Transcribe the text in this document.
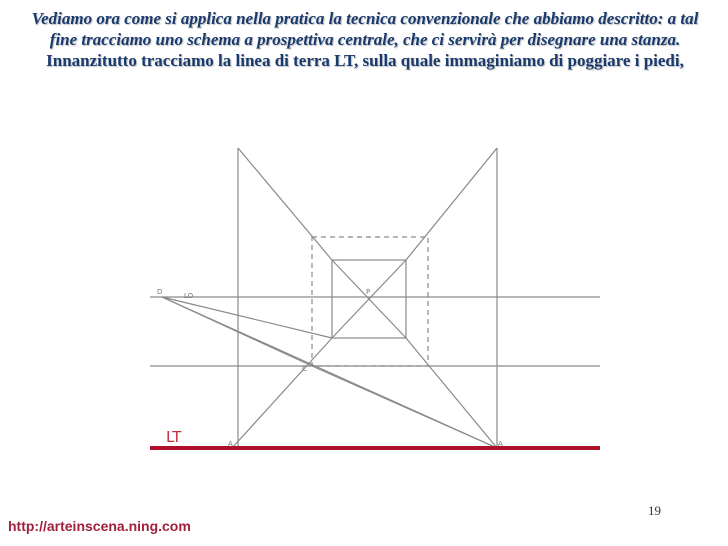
Vediamo ora come si applica nella pratica la tecnica convenzionale che abbiamo descritto: a tal fine tracciamo uno schema a prospettiva centrale, che ci servirà per disegnare una stanza.
Innanzitutto tracciamo la linea di terra LT, sulla quale immaginiamo di poggiare i piedi,
D	LO	P
C
A	A
LT
19
http://arteinscena.ning.com
